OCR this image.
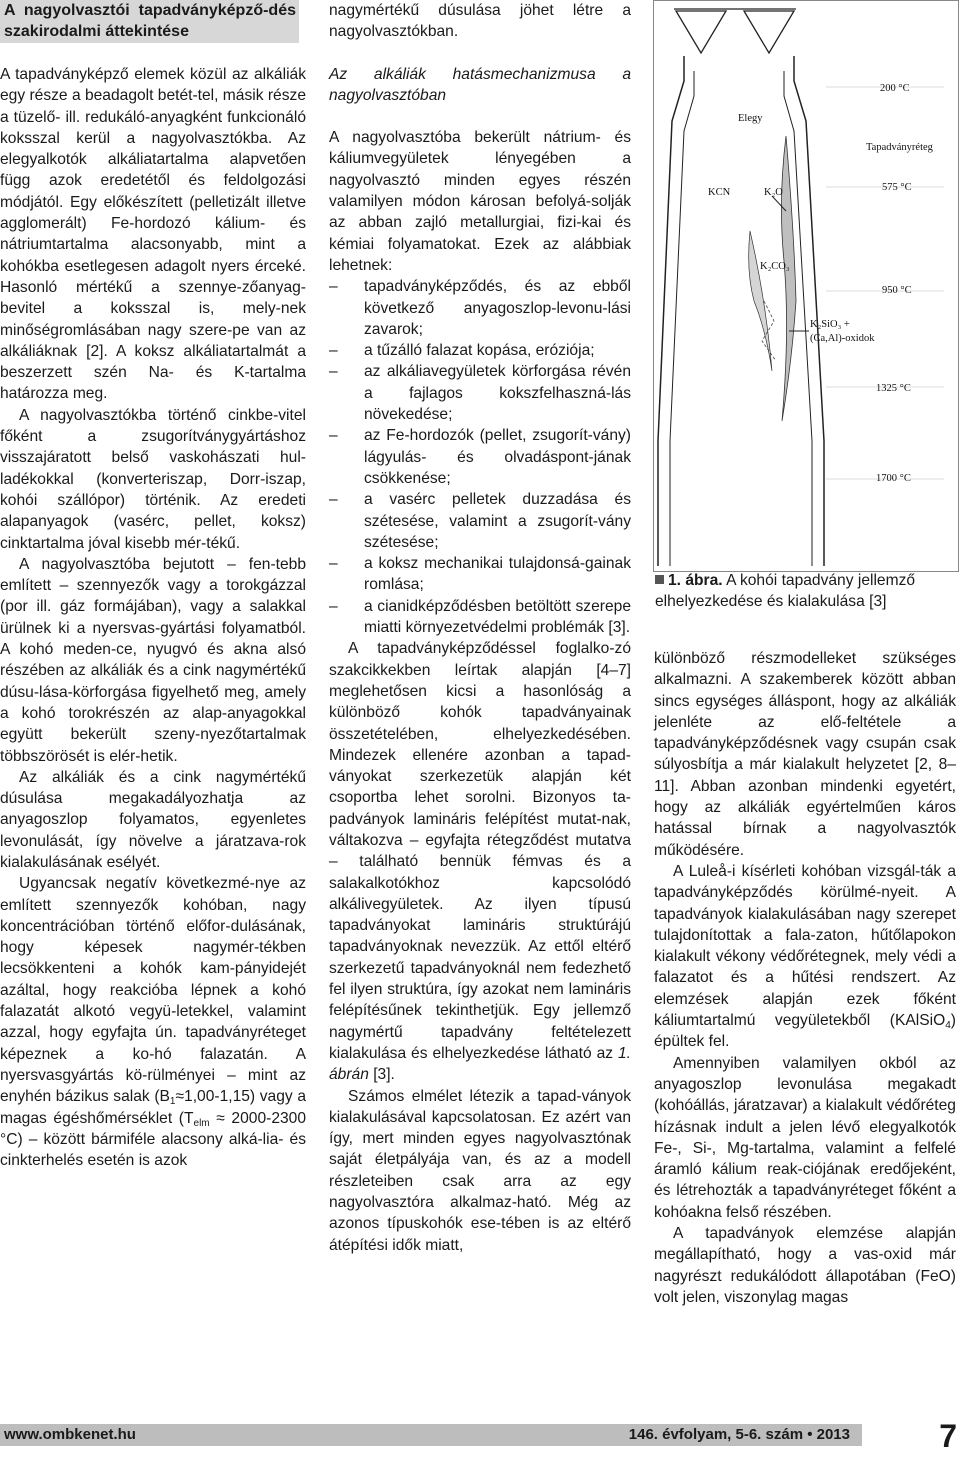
A nagyolvasztói tapadványképző-dés szakirodalmi áttekintése

A tapadványképző elemek közül az alkáliák egy része a beadagolt betét-tel, másik része a tüzelő- ill. redukáló-anyagként funkcionáló koksszal kerül a nagyolvasztókba. Az elegyalkotók alkáliatartalma alapvetően függ azok eredetétől és feldolgozási módjától. Egy előkészített (pelletizált illetve agglomerált) Fe-hordozó kálium- és nátriumtartalma alacsonyabb, mint a kohókba esetlegesen adagolt nyers érceké. Hasonló mértékű a szennye-zőanyag-bevitel a koksszal is, mely-nek minőségromlásában nagy szere-pe van az alkáliáknak [2]. A koksz alkáliatartalmát a beszerzett szén Na- és K-tartalma határozza meg.

A nagyolvasztókba történő cinkbe-vitel főként a zsugorítványgyártáshoz visszajáratott belső vaskohászati hul-ladékokkal (konverteriszap, Dorr-iszap, kohói szállópor) történik. Az eredeti alapanyagok (vasérc, pellet, koksz) cinktartalma jóval kisebb mér-tékű.

A nagyolvasztóba bejutott – fen-tebb említett – szennyezők vagy a torokgázzal (por ill. gáz formájában), vagy a salakkal ürülnek ki a nyersvas-gyártási folyamatból. A kohó meden-ce, nyugvó és akna alsó részében az alkáliák és a cink nagymértékű dúsu-lása-körforgása figyelhető meg, amely a kohó torokrészén az alap-anyagokkal együtt bekerült szeny-nyezőtartalmak többszörösét is elér-hetik.

Az alkáliák és a cink nagymértékű dúsulása megakadályozhatja az anyagoszlop folyamatos, egyenletes levonulását, így növelve a járatzava-rok kialakulásának esélyét.

Ugyancsak negatív következmé-nye az említett szennyezők kohóban, nagy koncentrációban történő előfor-dulásának, hogy képesek nagymér-tékben lecsökkenteni a kohók kam-pányidejét azáltal, hogy reakcióba lépnek a kohó falazatát alkotó vegyü-letekkel, valamint azzal, hogy egyfajta ún. tapadványréteget képeznek a ko-hó falazatán. A nyersvasgyártás kö-rülményei – mint az enyhén bázikus salak $(B_1\approx 1,00-1,15)$ vagy a magas égéshőmérséklet ($T_{elm} \approx 2000-2300$ °C) – között bármiféle alacsony alká-lia- és cinkterhelés esetén is azok

nagymértékű dúsulása jöhet létre a nagyolvasztókban.

Az alkáliák hatásmechanizmusa a nagyolvasztóban

A nagyolvasztóba bekerült nátrium- és káliumvegyületek lényegében a nagyolvasztó minden egyes részén valamilyen módon károsan befolyá-solják az abban zajló metallurgiai, fizi-kai és kémiai folyamatokat. Ezek az alábbiak lehetnek:

– tapadványképződés, és az ebből következő anyagoszlop-levonu-lási zavarok;
– a tűzálló falazat kopása, eróziója;
– az alkáliavegyületek körforgása révén a fajlagos kokszfelhaszná-lás növekedése;
– az Fe-hordozók (pellet, zsugorít-vány) lágyulás- és olvadáspont-jának csökkenése;
– a vasérc pelletek duzzadása és szétesése, valamint a zsugorít-vány szétesése;
– a koksz mechanikai tulajdonsá-gainak romlása;
– a cianidképződésben betöltött szerepe miatti környezetvédelmi problémák [3].

A tapadványképződéssel foglalko-zó szakcikkekben leírtak alapján [4–7] meglehetősen kicsi a hasonlóság a különböző kohók tapadványainak összetételében, elhelyezkedésében. Mindezek ellenére azonban a tapad-ványokat szerkezetük alapján két csoportba lehet sorolni. Bizonyos ta-padványok lamináris felépítést mutat-nak, váltakozva – egyfajta rétegződést mutatva – található bennük fémvas és a salakalkotókhoz kapcsolódó alkálivegyületek. Az ilyen típusú tapadványokat lamináris struktúrájú tapadványoknak nevezzük. Az ettől eltérő szerkezetű tapadványoknál nem fedezhető fel ilyen struktúra, így azokat nem lamináris felépítésűnek tekinthetjük. Egy jellemző nagymértű tapadvány feltételezett kialakulása és elhelyezkedése látható az 1. ábrán [3].

Számos elmélet létezik a tapad-ványok kialakulásával kapcsolatosan. Ez azért van így, mert minden egyes nagyolvasztónak saját életpályája van, és az a modell részleteiben csak arra az egy nagyolvasztóra alkalmaz-ható. Még az azonos típuskohók ese-tében is az eltérő átépítési idők miatt,

200 °C
Elegy
Tapadványréteg
575 °C
KCN	K₂O
K₂CO₃
950 °C
K₂SiO₃ +
(Ca,Al)-oxidok
1325 °C
1700 °C
1. ábra. A kohói tapadvány jellemző elhelyezkedése és kialakulása [3]

különböző részmodelleket szükséges alkalmazni. A szakemberek között abban sincs egységes álláspont, hogy az alkáliák jelenléte az elő-feltétele a tapadványképződésnek vagy csupán csak súlyosbítja a már kialakult helyzetet [2, 8–11]. Abban azonban mindenki egyetért, hogy az alkáliák egyértelműen káros hatással bírnak a nagyolvasztók működésére.

A Luleå-i kísérleti kohóban vizsgál-ták a tapadványképződés körülmé-nyeit. A tapadványok kialakulásában nagy szerepet tulajdonítottak a fala-zaton, hűtőlapokon kialakult vékony védőrétegnek, mely védi a falazatot és a hűtési rendszert. Az elemzések alapján ezek főként káliumtartalmú vegyületekből (KAlSiO$_4$) épültek fel.

Amennyiben valamilyen okból az anyagoszlop levonulása megakadt (kohóállás, járatzavar) a kialakult védőréteg hízásnak indult a jelen lévő elegyalkotók Fe-, Si-, Mg-tartalma, valamint a felfelé áramló kálium reak-ciójának eredőjeként, és létrehozták a tapadványréteget főként a kohóakna felső részében.

A tapadványok elemzése alapján megállapítható, hogy a vas-oxid már nagyrészt redukálódott állapotában (FeO) volt jelen, viszonylag magas

www.ombkenet.hu	146. évfolyam, 5-6. szám • 2013	7
